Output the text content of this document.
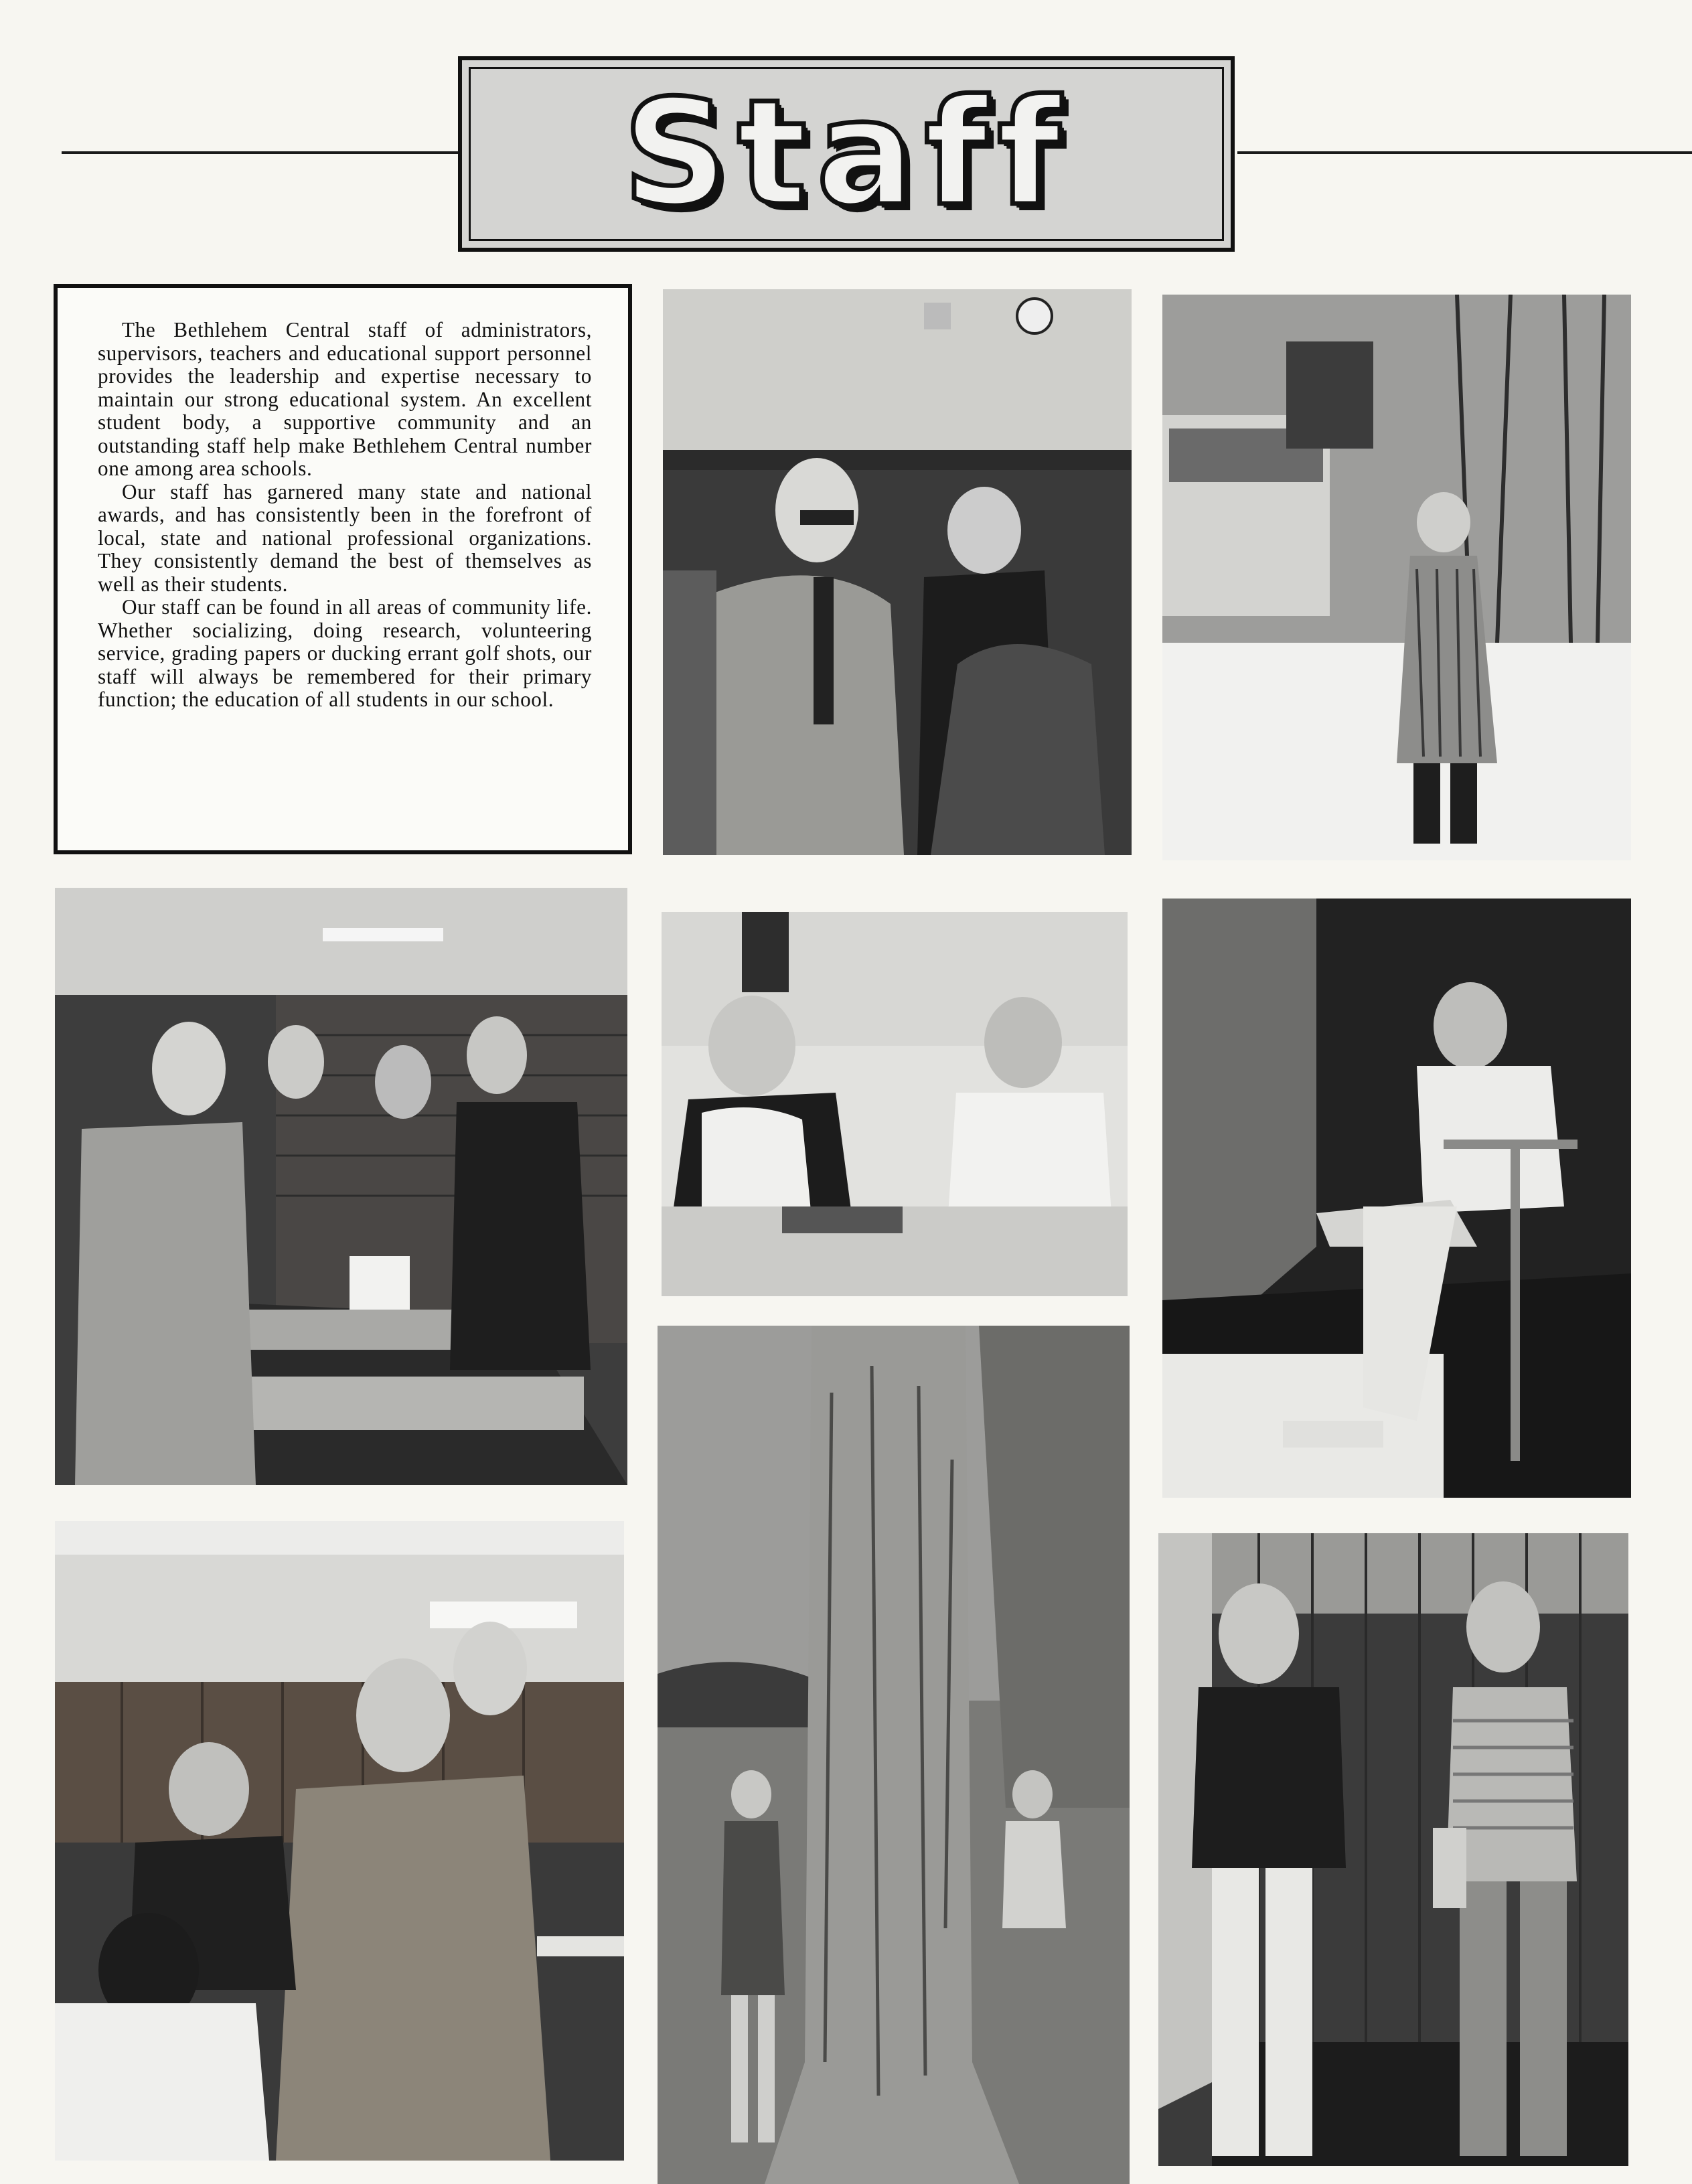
Staff

The Bethlehem Central staff of administrators, supervisors, teachers and educational support personnel provides the leadership and expertise necessary to maintain our strong educational system. An excellent student body, a supportive community and an outstanding staff help make Bethlehem Central number one among area schools.

Our staff has garnered many state and national awards, and has consistently been in the forefront of local, state and national professional organizations. They consistently demand the best of themselves as well as their students.

Our staff can be found in all areas of community life. Whether socializing, doing research, volunteering service, grading papers or ducking errant golf shots, our staff will always be remembered for their primary function; the education of all students in our school.
